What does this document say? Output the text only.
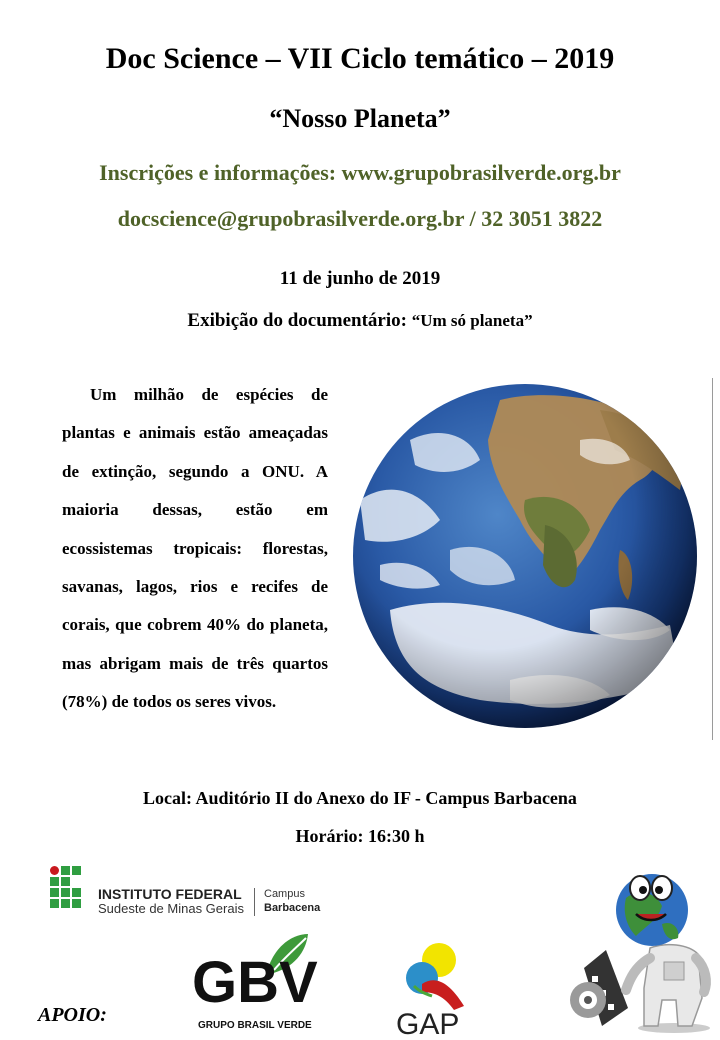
Doc Science – VII Ciclo temático – 2019
“Nosso Planeta”
Inscrições e informações: www.grupobrasilverde.org.br
docscience@grupobrasilverde.org.br / 32 3051 3822
11 de junho de 2019
Exibição do documentário: “Um só planeta”

Um milhão de espécies de plantas e animais estão ameaçadas de extinção, segundo a ONU. A maioria dessas, estão em ecossistemas tropicais: florestas, savanas, lagos, rios e recifes de corais, que cobrem 40% do planeta, mas abrigam mais de três quartos (78%) de todos os seres vivos.

Local: Auditório II do Anexo do IF - Campus Barbacena
Horário: 16:30 h
INSTITUTO FEDERAL
Sudeste de Minas Gerais
Campus
Barbacena
GBV
GRUPO BRASIL VERDE	GAP
APOIO:
